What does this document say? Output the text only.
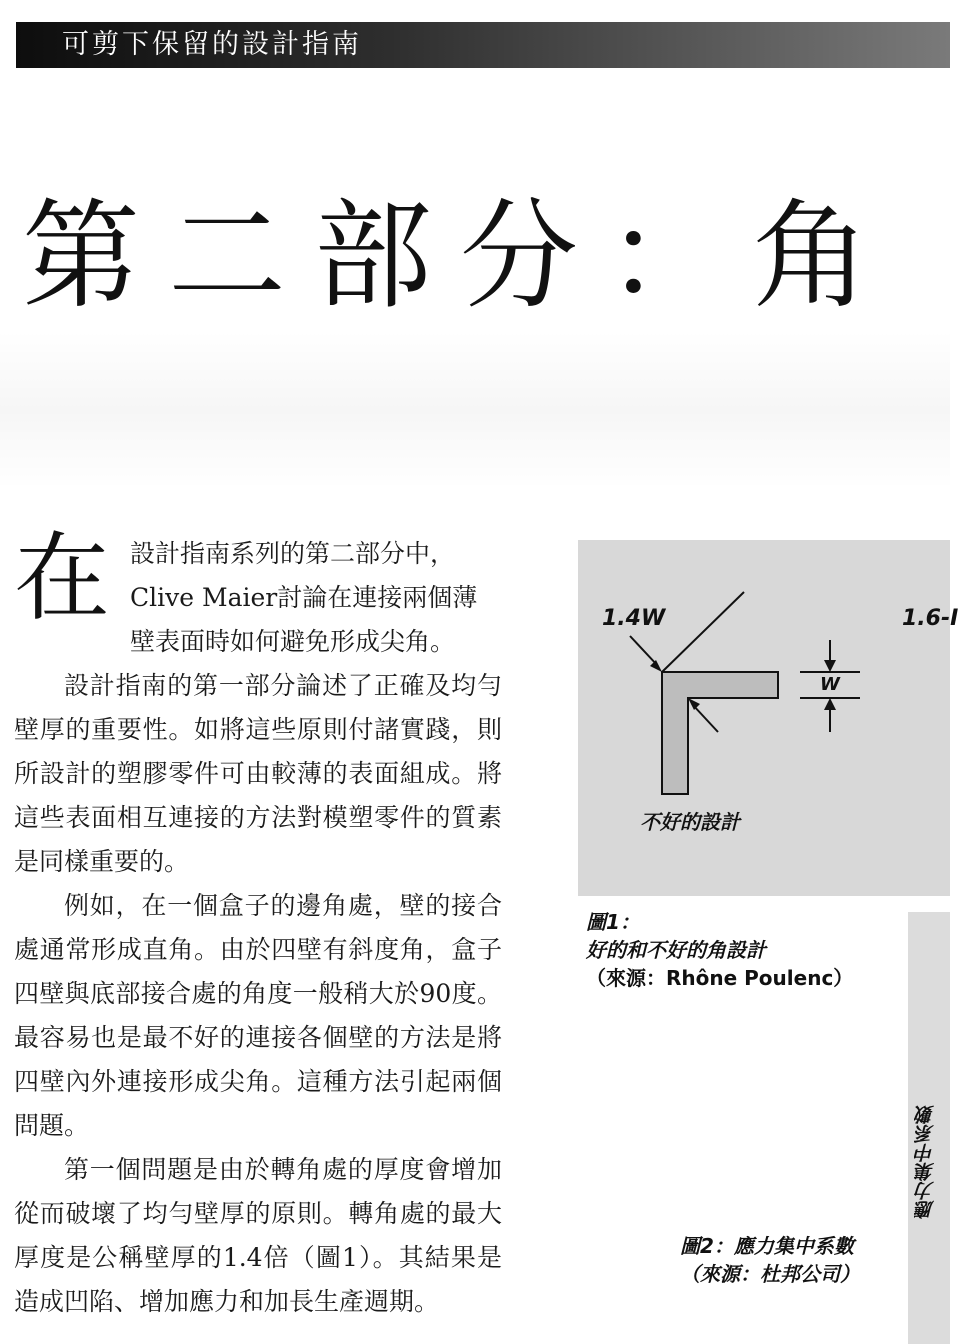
可剪下保留的設計指南
第二部分：角
在 設計指南系列的第二部分中，

Clive Maier討論在連接兩個薄

壁表面時如何避免形成尖角。

設計指南的第一部分論述了正確及均勻壁厚的重要性。如將這些原則付諸實踐，則所設計的塑膠零件可由較薄的表面組成。將這些表面相互連接的方法對模塑零件的質素是同樣重要的。

例如，在一個盒子的邊角處，壁的接合處通常形成直角。由於四壁有斜度角，盒子四壁與底部接合處的角度一般稍大於90度。最容易也是最不好的連接各個壁的方法是將四壁內外連接形成尖角。這種方法引起兩個問題。

第一個問題是由於轉角處的厚度會增加從而破壞了均勻壁厚的原則。轉角處的最大厚度是公稱壁厚的1.4倍（圖1）。其結果是造成凹陷、增加應力和加長生產週期。

1.4W	1.6-I
W
不好的設計
圖1：
好的和不好的角設計
（來源：Rhône Poulenc）
應力集中系數
圖2：應力集中系數
（來源：杜邦公司）
